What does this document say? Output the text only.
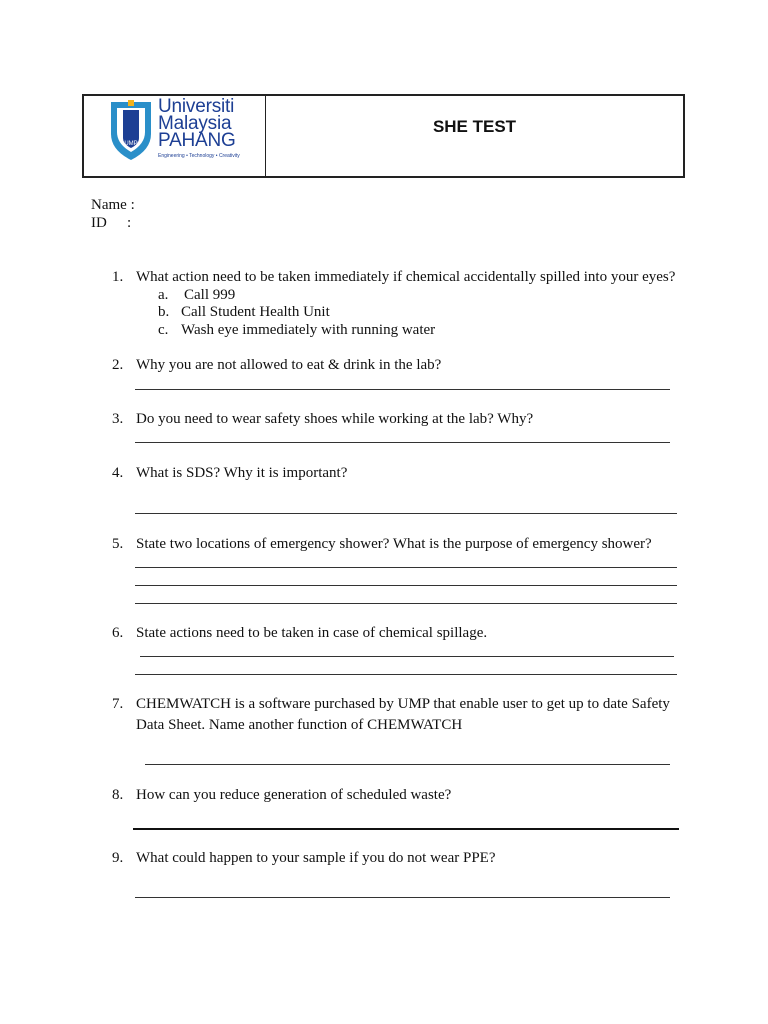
UMP
Universiti
Malaysia
PAHANG
Engineering • Technology • Creativity
SHE TEST
Name :
ID :
1. What action need to be taken immediately if chemical accidentally spilled into your eyes?
a. Call 999
b. Call Student Health Unit
c. Wash eye immediately with running water
2. Why you are not allowed to eat & drink in the lab?
3. Do you need to wear safety shoes while working at the lab? Why?
4. What is SDS? Why it is important?
5. State two locations of emergency shower? What is the purpose of emergency shower?
6. State actions need to be taken in case of chemical spillage.
7. CHEMWATCH is a software purchased by UMP that enable user to get up to date Safety
Data Sheet. Name another function of CHEMWATCH
8. How can you reduce generation of scheduled waste?
9. What could happen to your sample if you do not wear PPE?
